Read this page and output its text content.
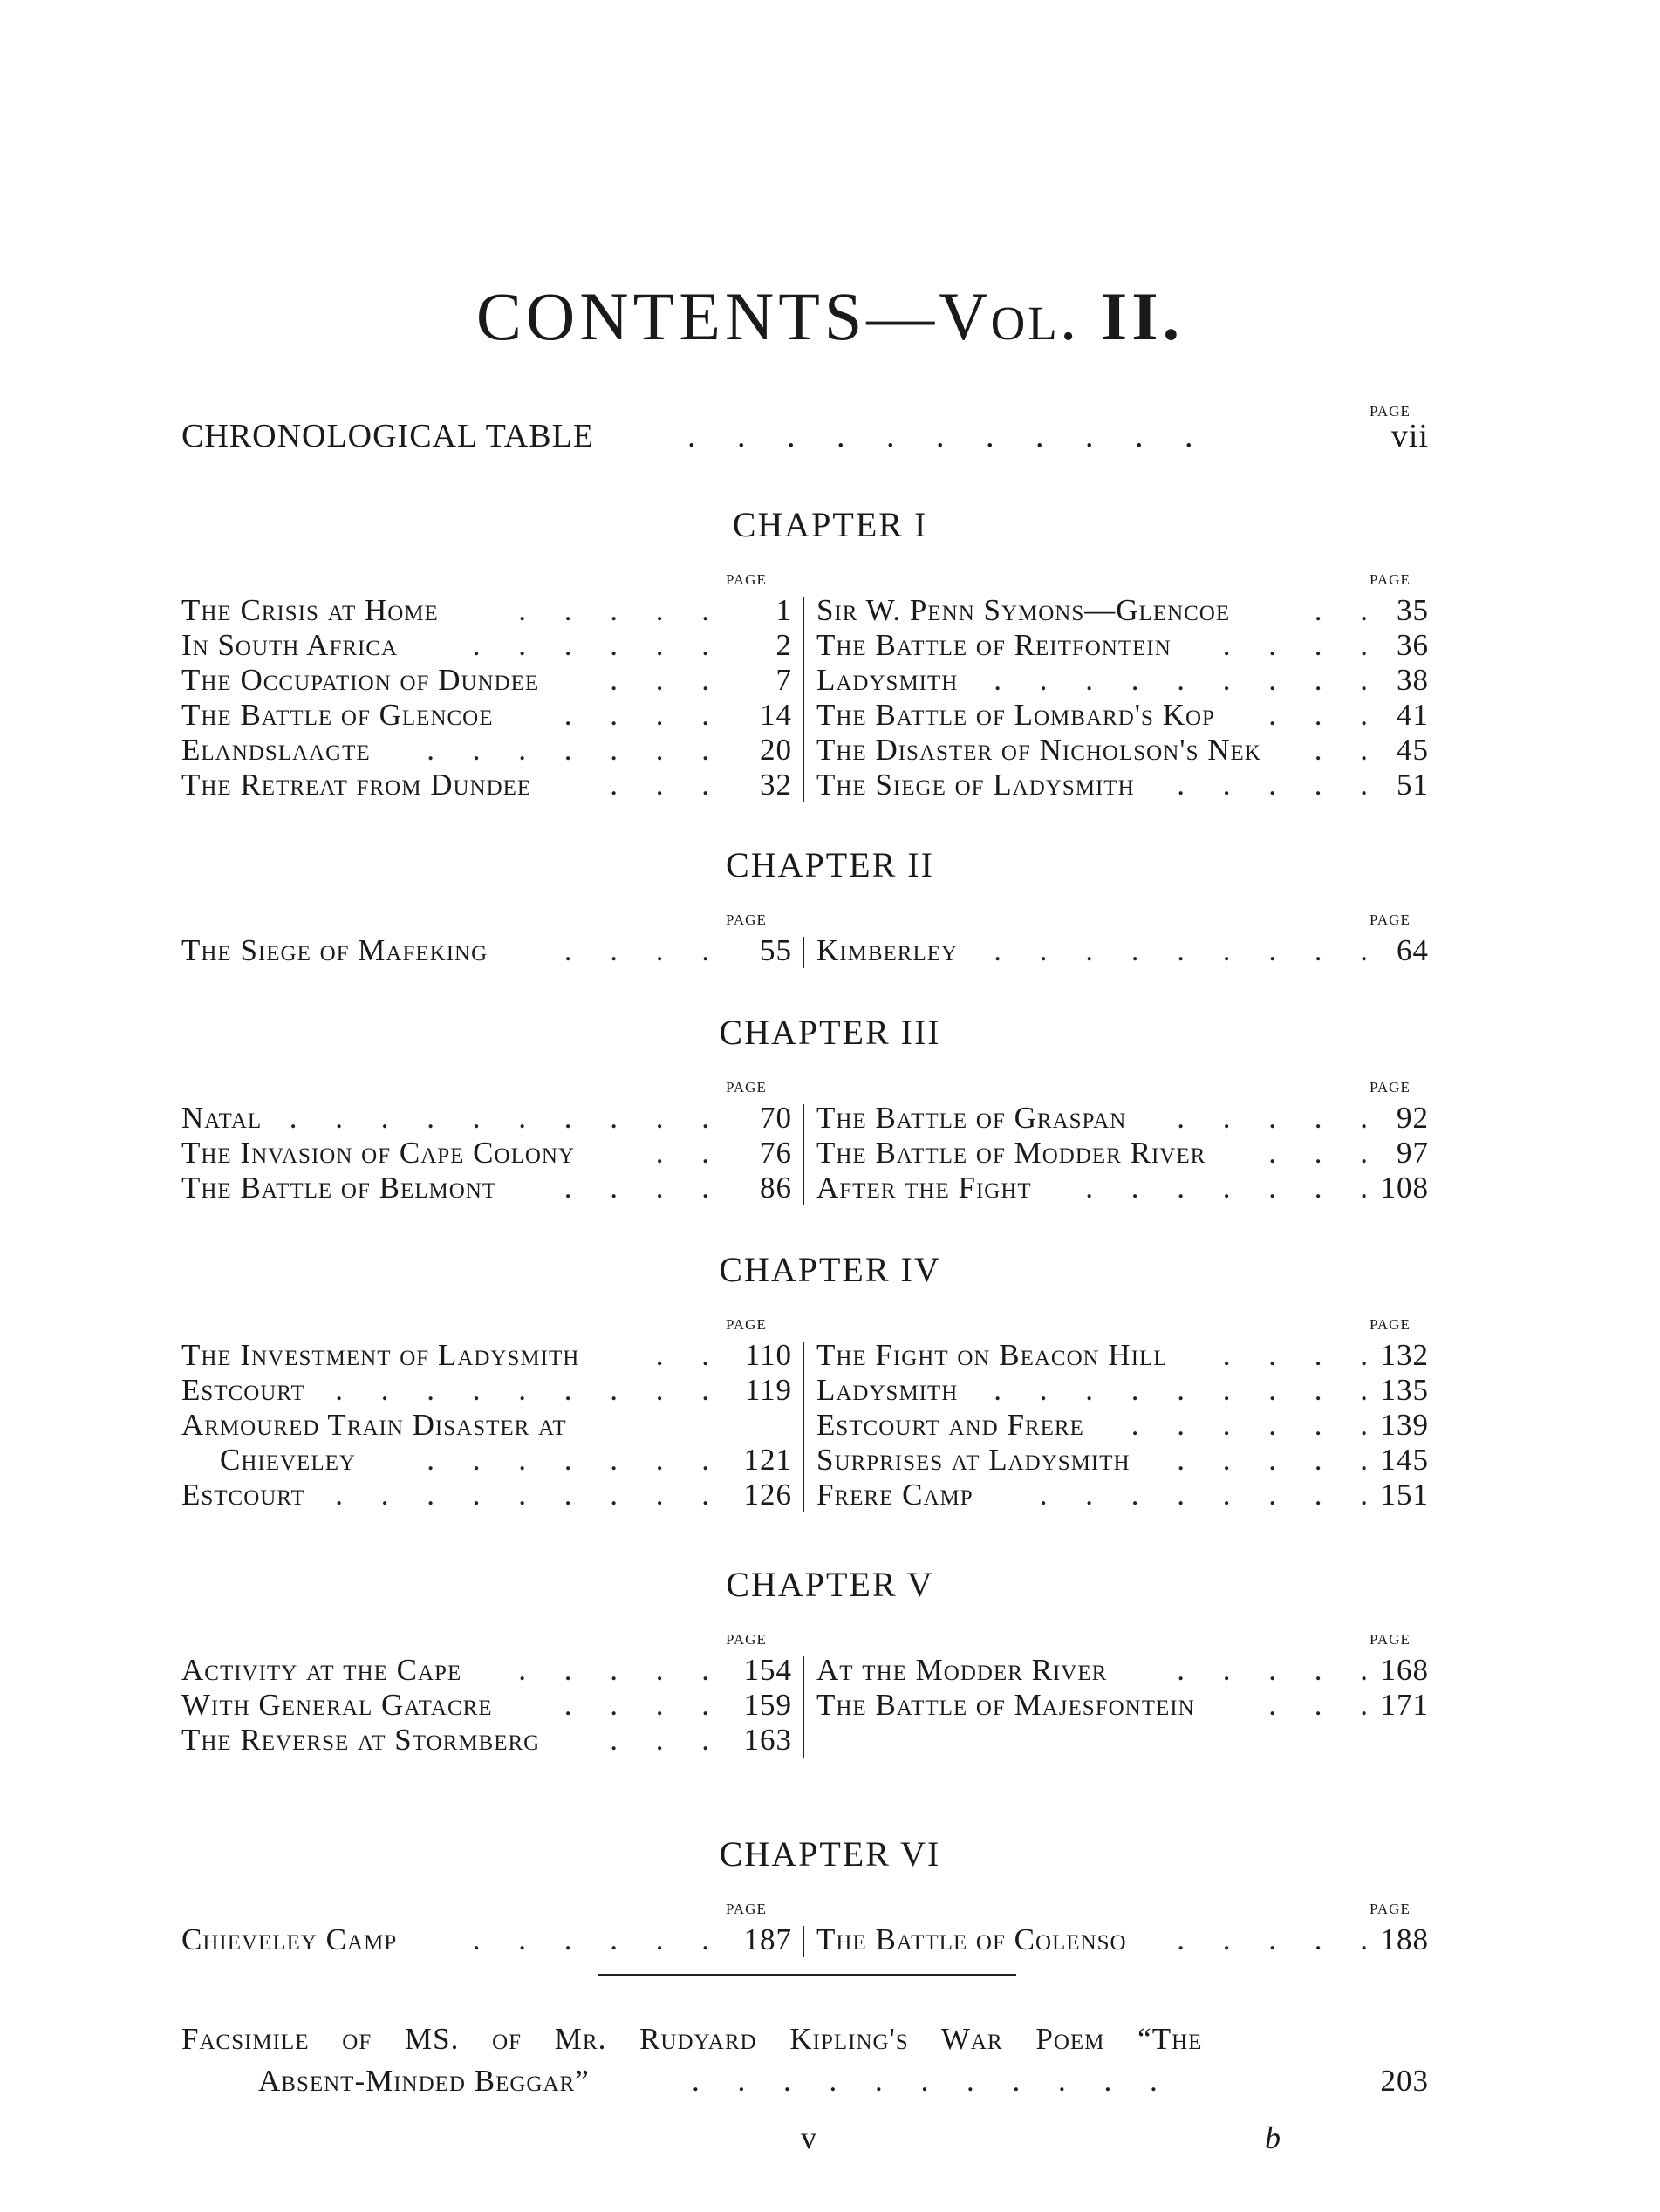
CONTENTS—Vol. II.
PAGE
CHRONOLOGICAL TABLE	.     .     .     .     .     .     .     .     .     .     .	vii
CHAPTER I
PAGE	PAGE
The Crisis at Home	.     .     .     .     . 1
In South Africa .     .     .     .     .     . 2
The Occupation of Dundee .     .     . 7
The Battle of Glencoe .     .     .     . 14
Elandslaagte .     .     .     .     .     .     . 20
The Retreat from Dundee	.     .     . 32
Sir W. Penn Symons—Glencoe	.     . 35
The Battle of Reitfontein .     .     .     . 36
Ladysmith .     .     .     .     .     .     .     .     . 38
The Battle of Lombard's Kop .     .     . 41
The Disaster of Nicholson's Nek .     . 45
The Siege of Ladysmith .     .     .     .     . 51
CHAPTER II
PAGE	PAGE
The Siege of Mafeking	.     .     .     . 55 Kimberley .     .     .     .     .     .     .     .     . 64
CHAPTER III
PAGE	PAGE
Natal .     .     .     .     .     .     .     .     .     . 70
The Invasion of Cape Colony	.     . 76
The Battle of Belmont .     .     .     . 86
The Battle of Graspan .     .     .     .     . 92
The Battle of Modder River .     .     . 97
After the Fight .     .     .     .     .     .     . 108
CHAPTER IV
PAGE	PAGE
The Investment of Ladysmith .     . 110
Estcourt .     .     .     .     .     .     .     .     . 119
Armoured Train Disaster at
Chieveley .     .     .     .     .     .     . 121
Estcourt .     .     .     .     .     .     .     .     . 126
The Fight on Beacon Hill .     .     .     . 132
Ladysmith .     .     .     .     .     .     .     .     . 135
Estcourt and Frere .     .     .     .     .     . 139
Surprises at Ladysmith .     .     .     .     . 145
Frere Camp .     .     .     .     .     .     .     . 151
CHAPTER V
PAGE	PAGE
Activity at the Cape .     .     .     .     . 154
With General Gatacre .     .     .     . 159
The Reverse at Stormberg .     .     . 163
At the Modder River .     .     .     .     . 168
The Battle of Majesfontein .     .     . 171
CHAPTER VI
PAGE	PAGE
Chieveley Camp .     .     .     .     .     . 187 The Battle of Colenso .     .     .     .     . 188
Facsimile of MS. of Mr. Rudyard Kipling's War Poem “The
Absent-Minded Beggar”	.     .     .     .     .     .     .     .     .     .     .	203
v	b
